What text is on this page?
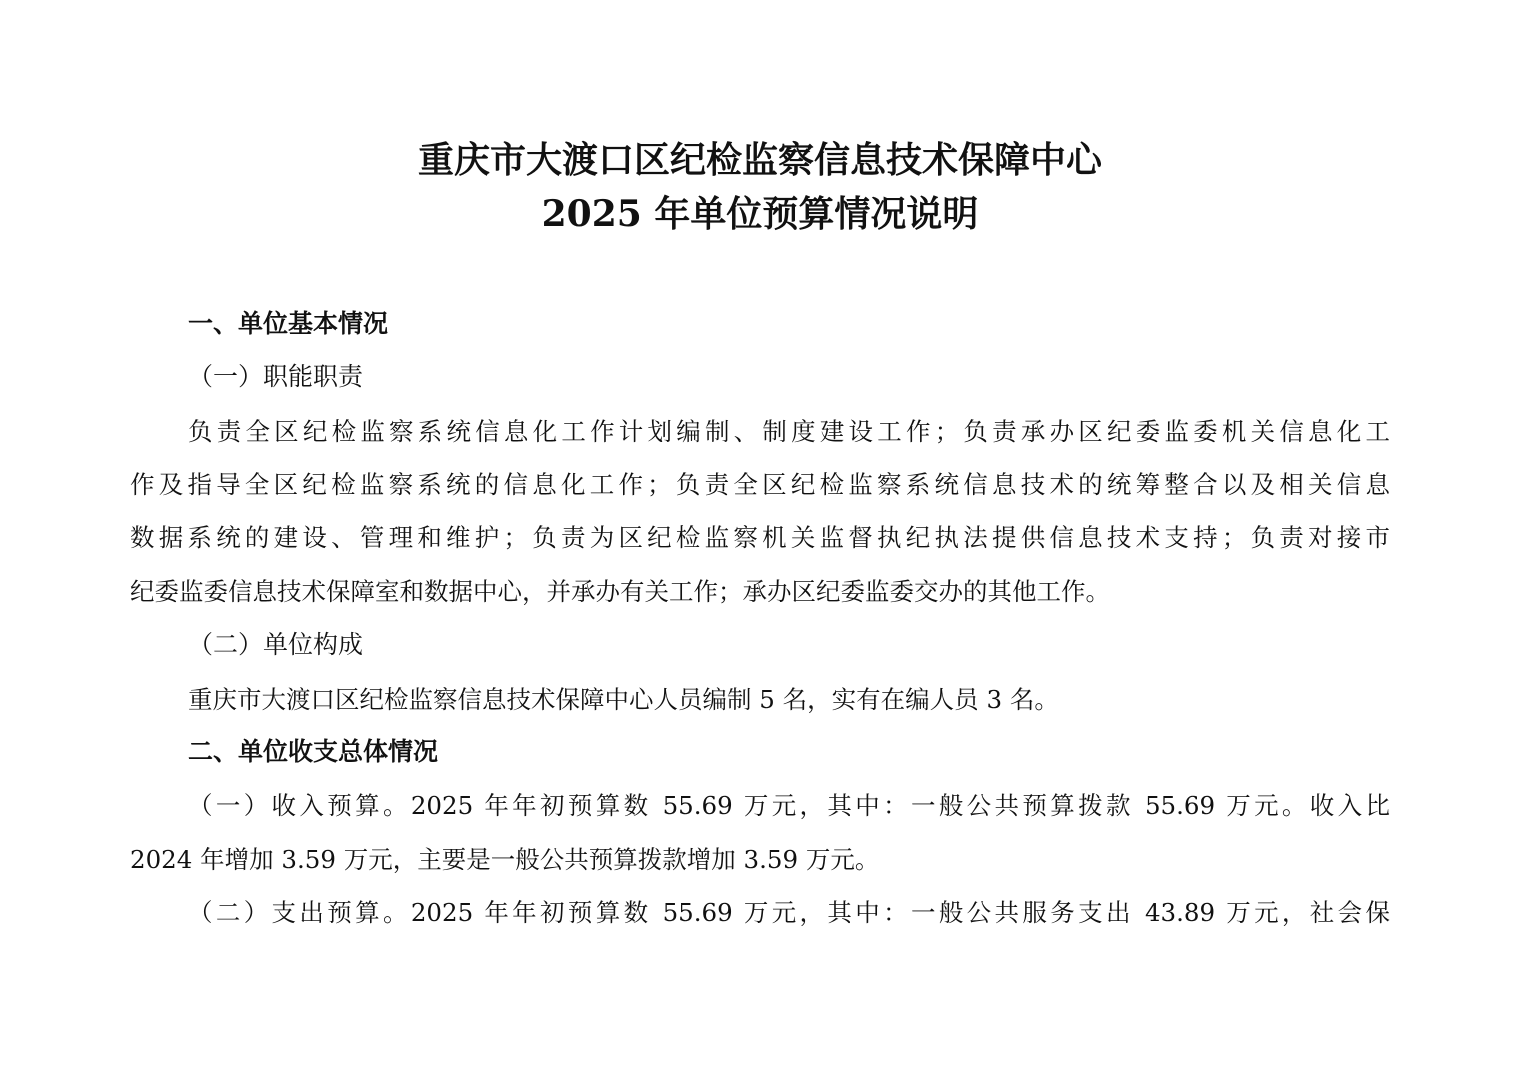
重庆市大渡口区纪检监察信息技术保障中心
2025 年单位预算情况说明
一、单位基本情况
（一）职能职责
负责全区纪检监察系统信息化工作计划编制、制度建设工作；负责承办区纪委监委机关信息化工
作及指导全区纪检监察系统的信息化工作；负责全区纪检监察系统信息技术的统筹整合以及相关信息
数据系统的建设、管理和维护；负责为区纪检监察机关监督执纪执法提供信息技术支持；负责对接市
纪委监委信息技术保障室和数据中心，并承办有关工作；承办区纪委监委交办的其他工作。
（二）单位构成
重庆市大渡口区纪检监察信息技术保障中心人员编制 5 名，实有在编人员 3 名。
二、单位收支总体情况
（一）收入预算。2025 年年初预算数 55.69 万元，其中：一般公共预算拨款 55.69 万元。收入比
2024 年增加 3.59 万元，主要是一般公共预算拨款增加 3.59 万元。
（二）支出预算。2025 年年初预算数 55.69 万元，其中：一般公共服务支出 43.89 万元，社会保
